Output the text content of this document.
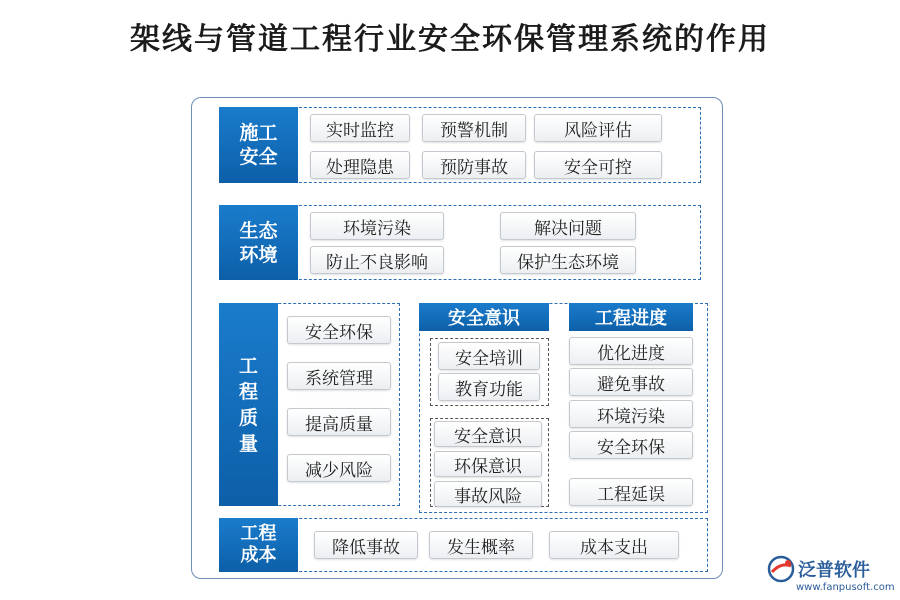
架线与管道工程行业安全环保管理系统的作用
施工
安全
实时监控	预警机制	风险评估
处理隐患	预防事故	安全可控
生态
环境
环境污染	解决问题
防止不良影响	保护生态环境
工
程
质
量
安全环保
系统管理
提高质量
减少风险
安全意识	工程进度
安全培训
教育功能
安全意识
环保意识
事故风险
优化进度
避免事故
环境污染
安全环保
工程延误
工程
成本	降低事故	发生概率	成本支出
泛普软件
www.fanpusoft.com
